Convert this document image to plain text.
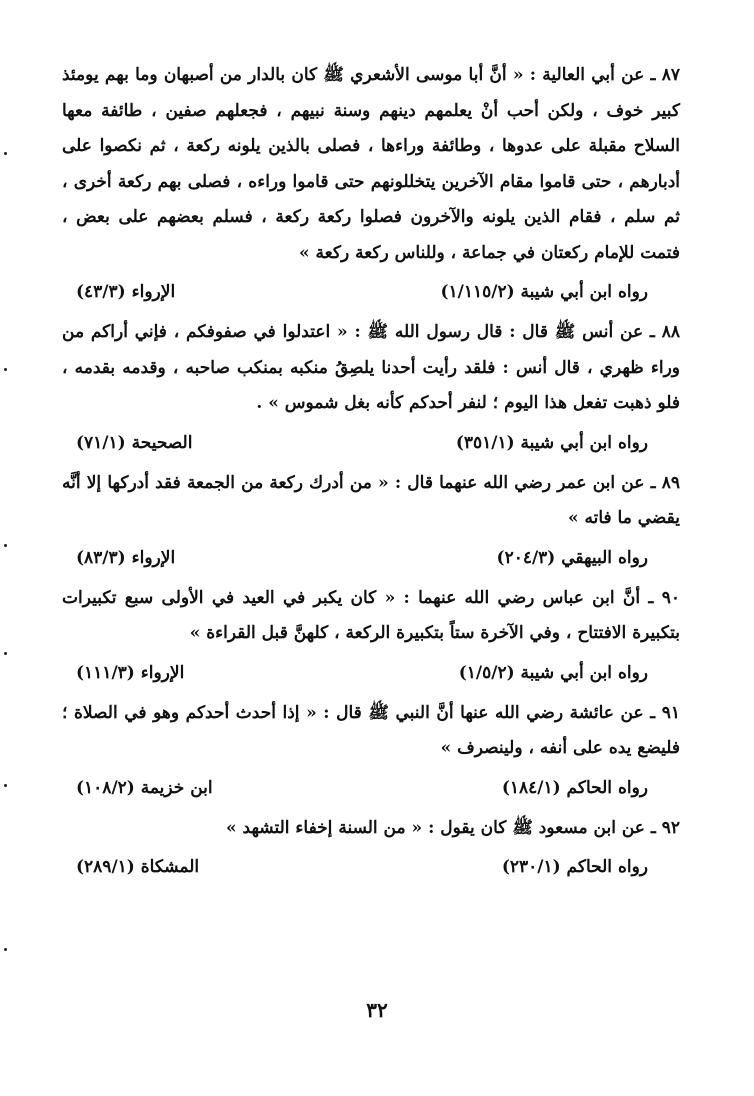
٨٧ ـ عن أبي العالية : « أنَّ أبا موسى الأشعري ﷺ كان بالدار من أصبهان وما بهم يومئذ كبير خوف ، ولكن أحب أنْ يعلمهم دينهم وسنة نبيهم ، فجعلهم صفين ، طائفة معها السلاح مقبلة على عدوها ، وطائفة وراءها ، فصلى بالذين يلونه ركعة ، ثم نكصوا على أدبارهم ، حتى قاموا مقام الآخرين يتخللونهم حتى قاموا وراءه ، فصلى بهم ركعة أخرى ، ثم سلم ، فقام الذين يلونه والآخرون فصلوا ركعة ركعة ، فسلم بعضهم على بعض ، فتمت للإمام ركعتان في جماعة ، وللناس ركعة ركعة »

رواه ابن أبي شيبة (١/١١٥/٢)
الإرواء (٤٣/٣)

٨٨ ـ عن أنس ﷺ قال : قال رسول الله ﷺ : « اعتدلوا في صفوفكم ، فإني أراكم من وراء ظهري ، قال أنس : فلقد رأيت أحدنا يلصِقُ منكبه بمنكب صاحبه ، وقدمه بقدمه ، فلو ذهبت تفعل هذا اليوم ؛ لنفر أحدكم كأنه بغل شموس » .

رواه ابن أبي شيبة (٣٥١/١)
الصحيحة (٧١/١)

٨٩ ـ عن ابن عمر رضي الله عنهما قال : « من أدرك ركعة من الجمعة فقد أدركها إلا أنَّه يقضي ما فاته »

رواه البيهقي (٢٠٤/٣)
الإرواء (٨٣/٣)

٩٠ ـ أنَّ ابن عباس رضي الله عنهما : « كان يكبر في العيد في الأولى سبع تكبيرات بتكبيرة الافتتاح ، وفي الآخرة ستاً بتكبيرة الركعة ، كلهنَّ قبل القراءة »

رواه ابن أبي شيبة (١/٥/٢)
الإرواء (١١١/٣)

٩١ ـ عن عائشة رضي الله عنها أنَّ النبي ﷺ قال : « إذا أحدث أحدكم وهو في الصلاة ؛ فليضع يده على أنفه ، ولينصرف »

رواه الحاكم (١٨٤/١)
ابن خزيمة (١٠٨/٢)

٩٢ ـ عن ابن مسعود ﷺ كان يقول : « من السنة إخفاء التشهد »

رواه الحاكم (٢٣٠/١)
المشكاة (٢٨٩/١)
٣٢
